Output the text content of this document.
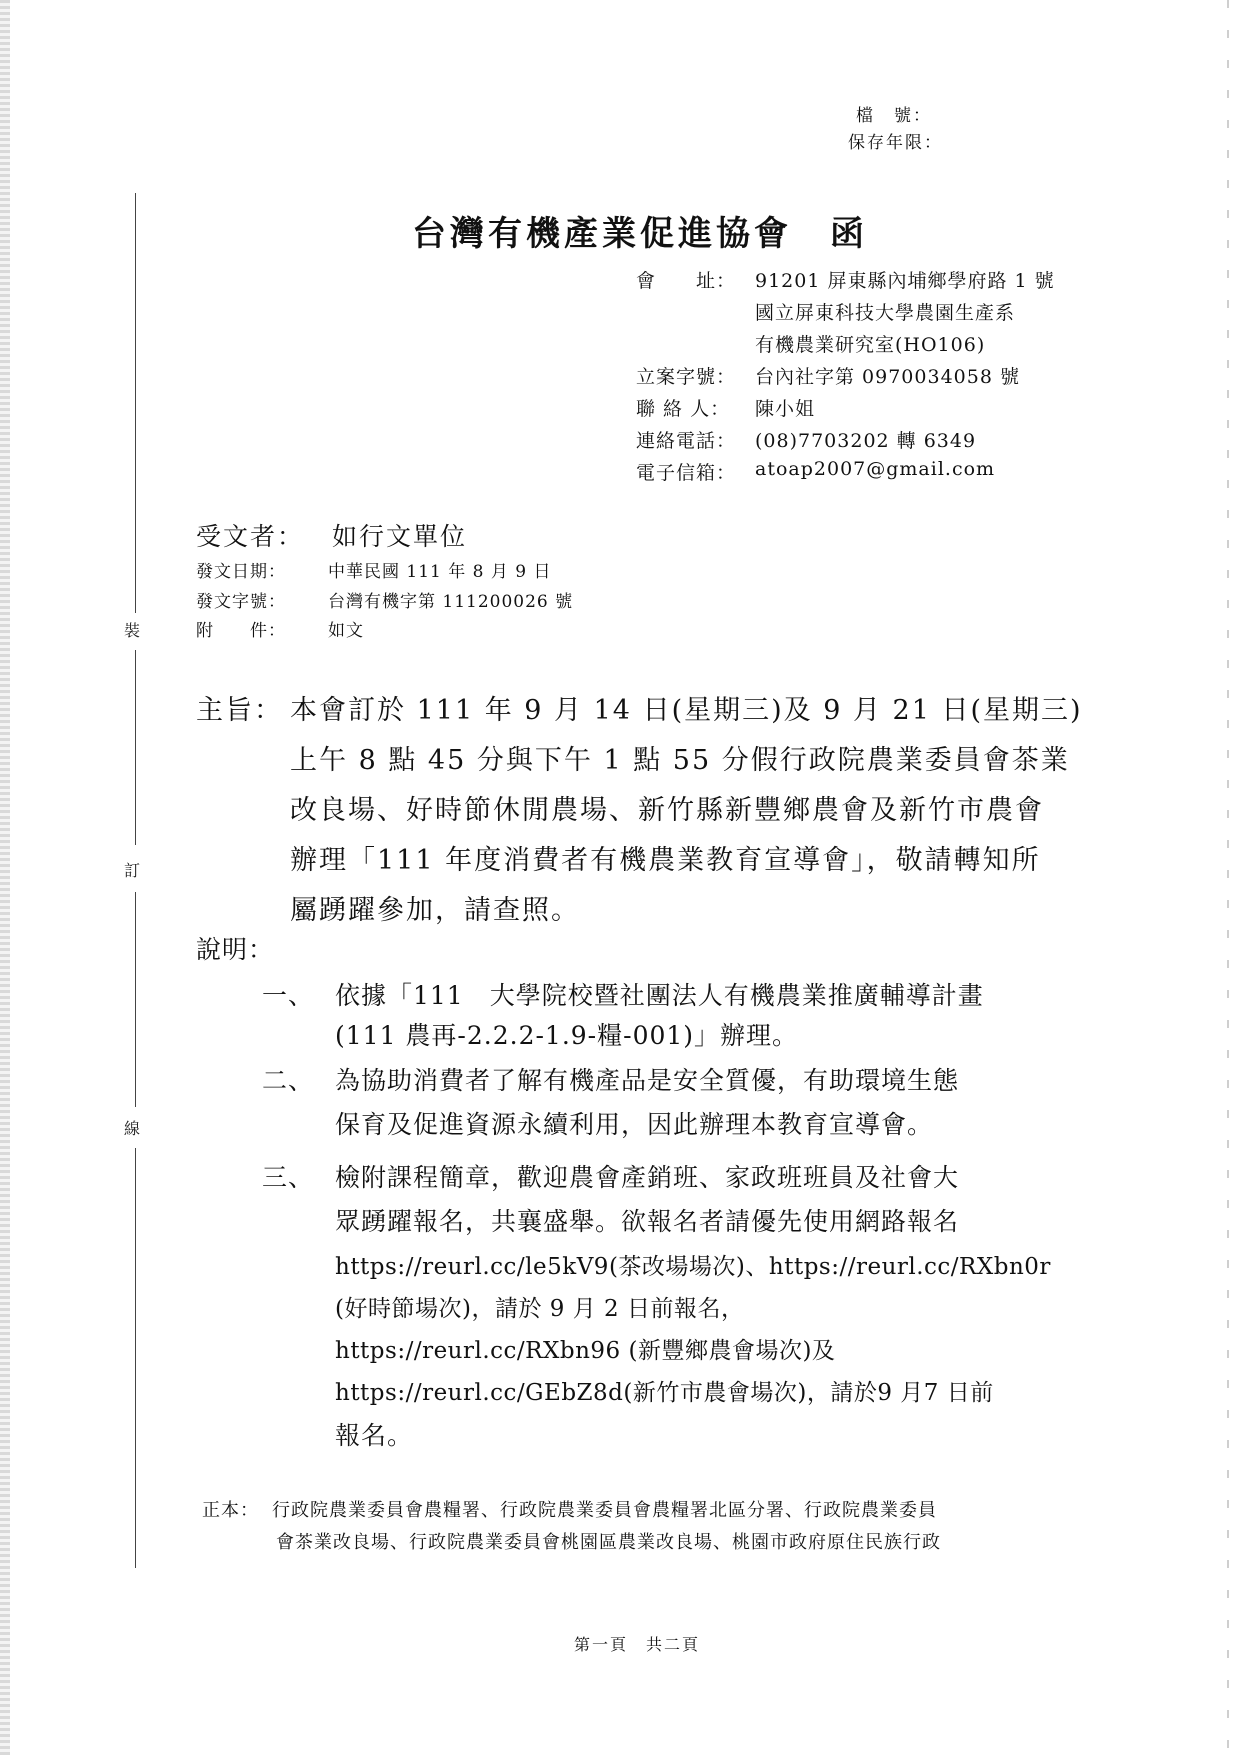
檔　號：
保存年限：
裝
訂
線
台灣有機產業促進協會　函
會　　址： 91201 屏東縣內埔鄉學府路 1 號
國立屏東科技大學農園生產系
有機農業研究室(HO106)
立案字號： 台內社字第 0970034058 號
聯 絡 人： 陳小姐
連絡電話： (08)7703202 轉 6349
電子信箱： atoap2007@gmail.com
受文者： 如行文單位
發文日期： 中華民國 111 年 8 月 9 日
發文字號： 台灣有機字第 111200026 號
附　　件： 如文
主旨： 本會訂於 111 年 9 月 14 日(星期三)及 9 月 21 日(星期三)
上午 8 點 45 分與下午 1 點 55 分假行政院農業委員會茶業
改良場、好時節休閒農場、新竹縣新豐鄉農會及新竹市農會
辦理「111 年度消費者有機農業教育宣導會」，敬請轉知所
屬踴躍參加，請查照。
說明：
一、 依據「111　大學院校暨社團法人有機農業推廣輔導計畫
(111 農再-2.2.2-1.9-糧-001)」辦理。
二、 為協助消費者了解有機產品是安全質優，有助環境生態
保育及促進資源永續利用，因此辦理本教育宣導會。
三、 檢附課程簡章，歡迎農會產銷班、家政班班員及社會大
眾踴躍報名，共襄盛舉。欲報名者請優先使用網路報名
https://reurl.cc/le5kV9(茶改場場次)、https://reurl.cc/RXbn0r
(好時節場次)，請於 9 月 2 日前報名，
https://reurl.cc/RXbn96 (新豐鄉農會場次)及
https://reurl.cc/GEbZ8d(新竹市農會場次)，請於9 月7 日前
報名。
正本： 行政院農業委員會農糧署、行政院農業委員會農糧署北區分署、行政院農業委員
會茶業改良場、行政院農業委員會桃園區農業改良場、桃園市政府原住民族行政
第一頁　共二頁
